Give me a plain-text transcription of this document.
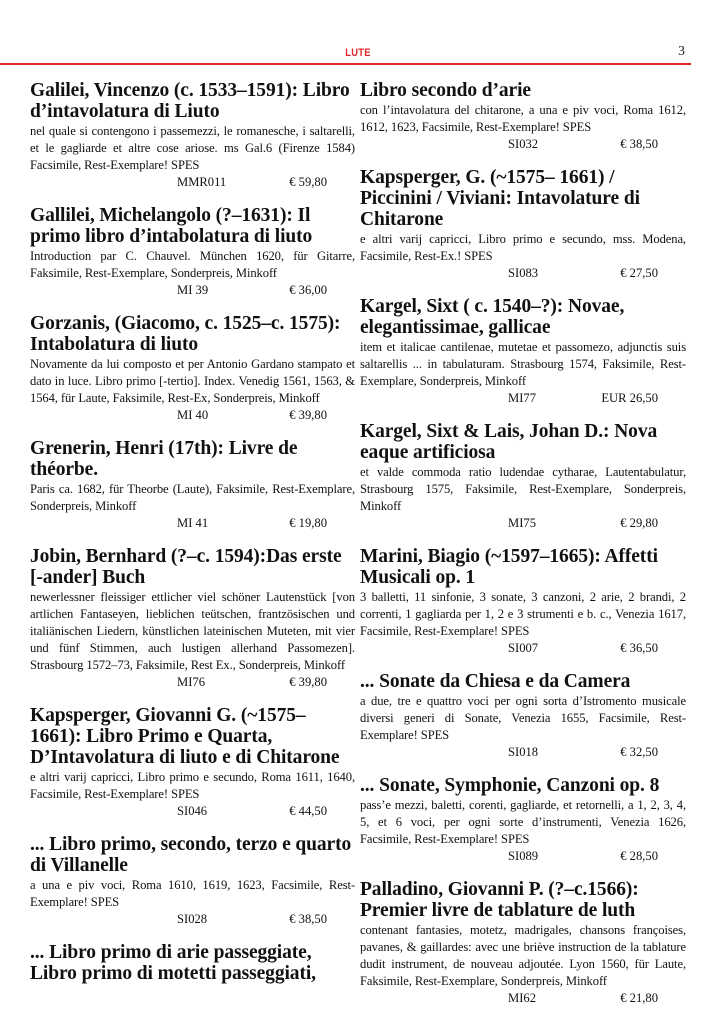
LUTE	3
Galilei, Vincenzo (c. 1533–1591): Libro d’intavolatura di Liuto
nel quale si contengono i passemezzi, le romanesche, i saltarelli, et le gagliarde et altre cose ariose. ms Gal.6 (Firenze 1584) Facsimile, Rest-Exemplare! SPES
MMR011	€ 59,80
Gallilei, Michelangolo (?–1631): Il primo libro d’intabolatura di liuto
Introduction par C. Chauvel. München 1620, für Gitarre, Faksimile, Rest-Exemplare, Sonderpreis, Minkoff
MI 39	€ 36,00
Gorzanis, (Giacomo, c. 1525–c. 1575): Intabolatura di liuto
Novamente da lui composto et per Antonio Gardano stampato et dato in luce. Libro primo [-tertio]. Index. Venedig 1561, 1563, & 1564, für Laute, Faksimile, Rest-Ex, Sonderpreis, Minkoff
MI 40	€ 39,80
Grenerin, Henri (17th): Livre de théorbe.
Paris ca. 1682, für Theorbe (Laute), Faksimile, Rest-Exemplare, Sonderpreis, Minkoff
MI 41	€ 19,80
Jobin, Bernhard (?–c. 1594):Das erste [-ander] Buch
newerlessner fleissiger ettlicher viel schöner Lautenstück [von artlichen Fantaseyen, lieblichen teütschen, frantzösischen und italiänischen Liedern, künstlichen lateinischen Muteten, mit vier und fünf Stimmen, auch lustigen allerhand Passomezen]. Strasbourg 1572–73, Faksimile, Rest Ex., Sonderpreis, Minkoff
MI76	€ 39,80
Kapsperger, Giovanni G. (~1575–1661): Libro Primo e Quarta, D’Intavolatura di liuto e di Chitarone
e altri varij capricci, Libro primo e secundo, Roma 1611, 1640, Facsimile, Rest-Exemplare! SPES
SI046	€ 44,50
... Libro primo, secondo, terzo e quarto di Villanelle
a una e piv voci, Roma 1610, 1619, 1623, Facsimile, Rest-Exemplare! SPES
SI028	€ 38,50
... Libro primo di arie passeggiate, Libro primo di motetti passeggiati,
Libro secondo d’arie
con l’intavolatura del chitarone, a una e piv voci, Roma 1612, 1612, 1623, Facsimile, Rest-Exemplare! SPES
SI032	€ 38,50
Kapsperger, G. (~1575– 1661) / Piccinini / Viviani: Intavolature di Chitarone
e altri varij capricci, Libro primo e secundo, mss. Modena, Facsimile, Rest-Ex.! SPES
SI083	€ 27,50
Kargel, Sixt ( c. 1540–?): Novae, elegantissimae, gallicae
item et italicae cantilenae, mutetae et passomezo, adjunctis suis saltarellis ... in tabulaturam. Strasbourg 1574, Faksimile, Rest-Exemplare, Sonderpreis, Minkoff
MI77	EUR 26,50
Kargel, Sixt & Lais, Johan D.: Nova eaque artificiosa
et valde commoda ratio ludendae cytharae, Lautentabulatur, Strasbourg 1575, Faksimile, Rest-Exemplare, Sonderpreis, Minkoff
MI75	€ 29,80
Marini, Biagio (~1597–1665): Affetti Musicali op. 1
3 balletti, 11 sinfonie, 3 sonate, 3 canzoni, 2 arie, 2 brandi, 2 correnti, 1 gagliarda per 1, 2 e 3 strumenti e b. c., Venezia 1617, Facsimile, Rest-Exemplare! SPES
SI007	€ 36,50
... Sonate da Chiesa e da Camera
a due, tre e quattro voci per ogni sorta d’Istromento musicale diversi generi di Sonate, Venezia 1655, Facsimile, Rest-Exemplare! SPES
SI018	€ 32,50
... Sonate, Symphonie, Canzoni op. 8
pass’e mezzi, baletti, corenti, gagliarde, et retornelli, a 1, 2, 3, 4, 5, et 6 voci, per ogni sorte d’instrumenti, Venezia 1626, Facsimile, Rest-Exemplare! SPES
SI089	€ 28,50
Palladino, Giovanni P. (?–c.1566): Premier livre de tablature de luth
contenant fantasies, motetz, madrigales, chansons françoises, pavanes, & gaillardes: avec une briève instruction de la tablature dudit instrument, de nouveau adjoutée. Lyon 1560, für Laute, Faksimile, Rest-Exemplare, Sonderpreis, Minkoff
MI62	€ 21,80
